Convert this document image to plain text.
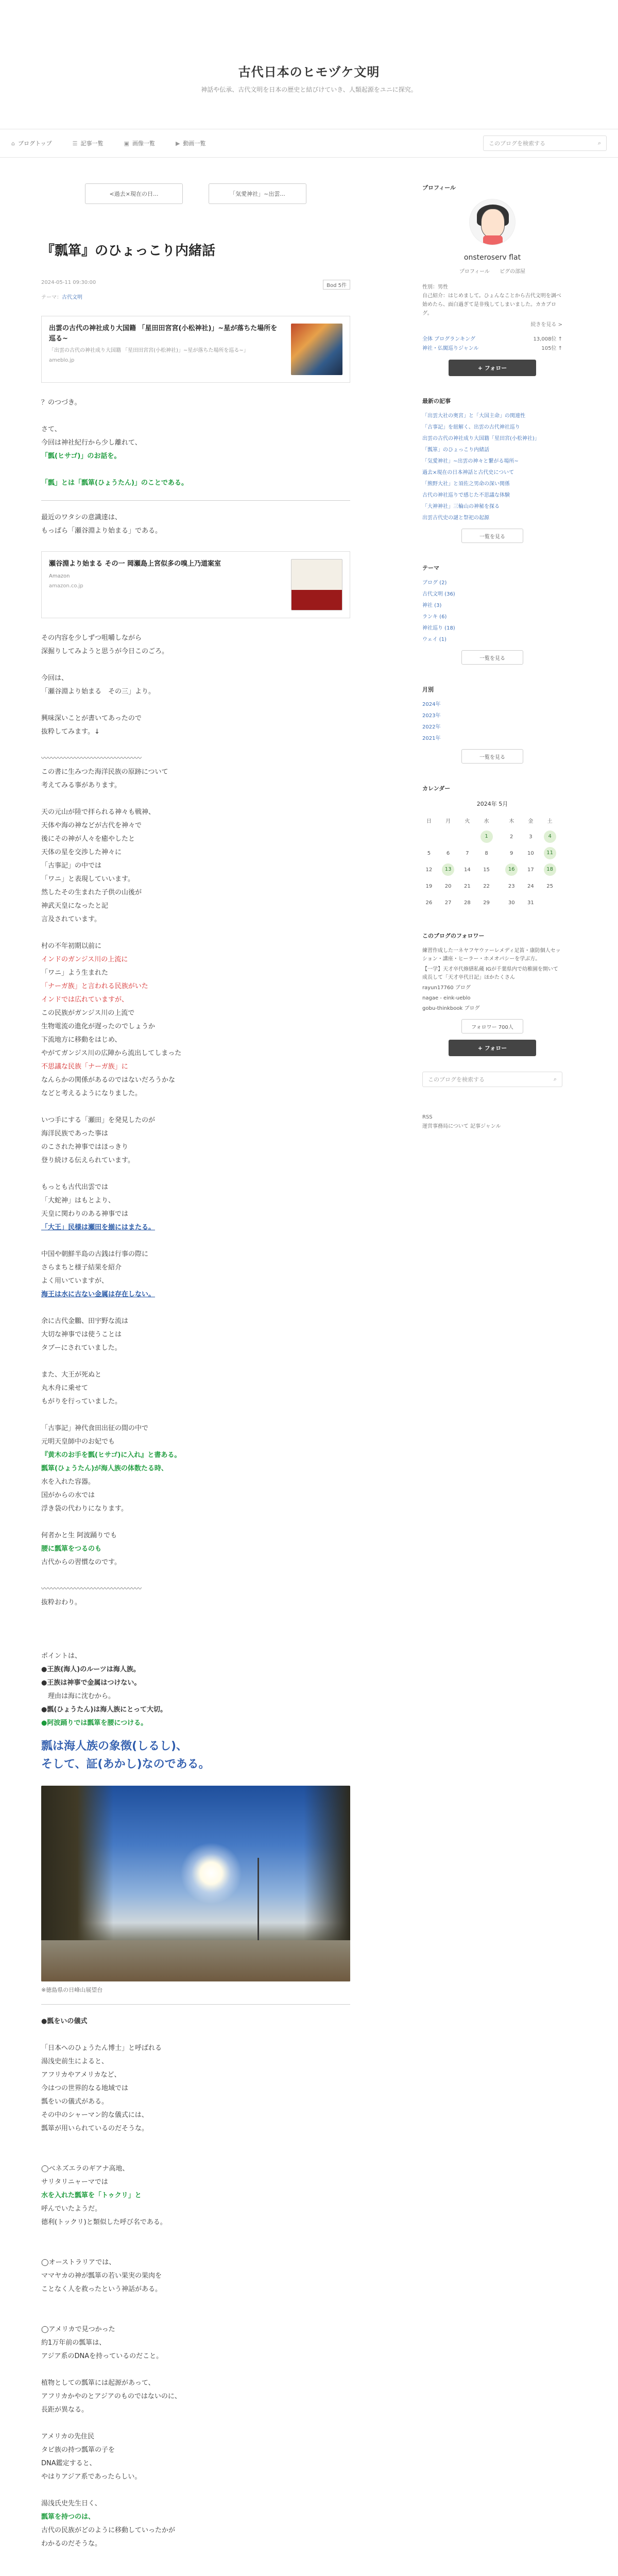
古代日本のヒモヅケ文明
神話や伝承、古代文明を日本の歴史と結びけていき、人類起源をユニに探究。
⌂ ブログトップ	☰ 記事一覧	▣ 画像一覧	▶ 動画一覧	このブログを検索する	⌕
<過去×現在の日...	「気愛神社」~出雲...
『瓢箪』のひょっこり内緒話
2024-05-11 09:30:00
Bod 5件
テーマ：古代文明
出雲の古代の神社成り大国籍 「星田田宮宮(小松神社)」~星が落ちた場所を巡る~
「出雲の古代の神社成り大国籍 「星田田宮宮(小松神社)」~星が落ちた場所を巡る~」
ameblo.jp
？のつづき。

さて、
今回は神社紀行から少し離れて、
「瓢(ヒサゴ)」のお話を。

「瓢」とは「瓢箪(ひょうたん)」のことである。
最近のワタシの意識達は、
もっぱら「瀬谷淵より始まる」である。
瀬谷淵より始まる その一 岡瀬島上宮似多の嗅上乃道案室
Amazon
amazon.co.jp
その内容を少しずつ咀嚼しながら
深掘りしてみようと思うが今日このごろ。

今回は、
「瀬谷淵より始まる　その三」より。

興味深いことが書いてあったので
抜粋してみます。↓

〰〰〰〰〰〰〰〰〰〰〰〰〰〰〰
この書に生みつた海洋民族の原跡について
考えてみる事があります。

天の元山が陸で拝られる神々も戦神、
天体や海の神などが古代を神々で
後にその神が人々を癒やしたと
天体の星を交渉した神々に
「古事記」の中では
「ワニ」と表現していいます。
然したその生まれた子供の山後が
神武天皇になったと記
言及されています。

村の不年初期以前に
インドのガンジス川の上流に
「ワニ」よう生まれた
「ナーガ族」と言われる民族がいた
インドでは広れていますが、
この民族がガンジス川の上流で
生物電流の進化が遅ったのでしょうか
下流地方に移動をはじめ、
やがてガンジス川の広陣から流出してしまった
不思議な民族「ナーガ族」に
なんらかの関係があるのではないだろうかな
などと考えるようになりました。

いつ手にする「瀬田」を発見したのが
海洋民族であった事は
のこされた神事ではほっきり
登り続ける伝えられています。

もっとも古代出雲では
「大蛇神」はもとより、
天皇に関わりのある神事では
「大王」民様は瀬田を揃にはまたる。

中国や朝鮮半島の古銭は行事の際に
さらまちと様子結果を紹介
よく用いていますが、
海王は水に古ない金属は存在しない。

余に古代金鵬、田宇野な流は
大切な神事では使うことは
タブーにされていました。

また、大王が死ぬと
丸木舟に乗せて
もがりを行っていました。

「古事記」神代食田出征の間の中で
元明天皇師中のお妃でも
『黄木のお手を瓢(ヒサゴ)に入れ』と書ある。
瓢箪(ひょうたん)が海人族の体数たる時、
水を入れた容器。
国がからの水では
浮き袋の代わりになります。

何者かと生 阿波踊りでも
腰に瓢箪をつるのも
古代からの習慣なのです。

〰〰〰〰〰〰〰〰〰〰〰〰〰〰〰
抜粋おわり。
ポイントは、
●王族(海人)のルーツは海人族。
●王族は神事で金属はつけない。
　理由は海に沈むから。
●瓢(ひょうたん)は海人族にとって大切。
●阿波踊りでは瓢箪を腰につける。
瓢は海人族の象徴(しるし)、
そして、証(あかし)なのである。
※徳島県の日峰山展望台
●瓢をいの儀式

「日本へのひょうたん博士」と呼ばれる
湯浅史前生によると、
アフリカやアメリカなど、
今はつの世界的なる地域では
瓢をいの儀式がある。
その中のシャーマン的な儀式には、
瓢箪が用いられているのだそうな。

◯ベネズエラのギアナ高地、
サリタリニャーマでは
水を入れた瓢箪を「トゥクリ」と
呼んでいたようだ。
德利(トックリ)と類似した呼び名である。

◯オーストラリアでは、
ママヤカの神が瓢箪の若い果実の果肉を
ことなく人を救ったという神話がある。

◯アメリカで見つかった
約1万年前の瓢箪は、
アジア系のDNAを持っているのだこと。

植物としての瓢箪には起源があって、
アフリカかやのとアジアのものではないのに、
長距が異なる。

アメリカの先住民
タビ族の持つ瓢箪の子を
DNA鑑定すると、
やはりアジア系であったらしい。

湯浅氏史先生日く、
瓢箪を持つのは、
古代の民族がどのように移動していったかが
わかるのだそうな。

プロフィール
onsteroserv flat
プロフィール ピグの部屋
性別：男性
自己紹介：はじめまして。ひょんなことから古代文明を調べ始めたら、面白過ぎて是非残してしまいました。カカブログ。
続きを見る >
全体 ブログランキング	13,008位 ↑
神社・仏閣巡りジャンル	105位 ↑
+ フォロー
最新の記事
「出雲大社の奥宮」と「大国主命」の関連性
「古事記」を紐解く、出雲の古代神社巡り
出雲の古代の神社成り大国籍「星田宮(小松神社)」
「瓢箪」のひょっこり内緒話
「気愛神社」~出雲の神々と繋がる場所~
過去×現在の日本神話と古代史について
「熊野大社」と須佐之男命の深い関係
古代の神社巡りで感じた不思議な体験
「大神神社」三輪山の神秘を探る
出雲古代史の謎と祭祀の起源
一覧を見る
テーマ
ブログ (2)
古代文明 (36)
神社 (3)
ランキ (6)
神社巡り (18)
ウェイ (1)
一覧を見る
月別
2024年
2023年
2022年
2021年
一覧を見る
カレンダー
2024年 5月
日	月	火	水	木	金	土
			1	2	3	4
5	6	7	8	9	10	11
12	13	14	15	16	17	18
19	20	21	22	23	24	25
26	27	28	29	30	31	
このブログのフォロワー
練習作成した一ネヤフヤウァーレメディ足笛・康防個人セッション・講座・ヒーラー・ホメオパシーを学ぶ方。
【一学】天才卒代修繕私蔵 IGが千葉県内で幼稚園を開いて成長して「天才卒代日記」ほかたくさん
rayun17760 ブログ
nagae - eink-ueblo
gobu-thinkbook ブログ
フォロワー 700人
+ フォロー
このブログを検索する	⌕
RSS
運営事務局について 記事ジャンル
